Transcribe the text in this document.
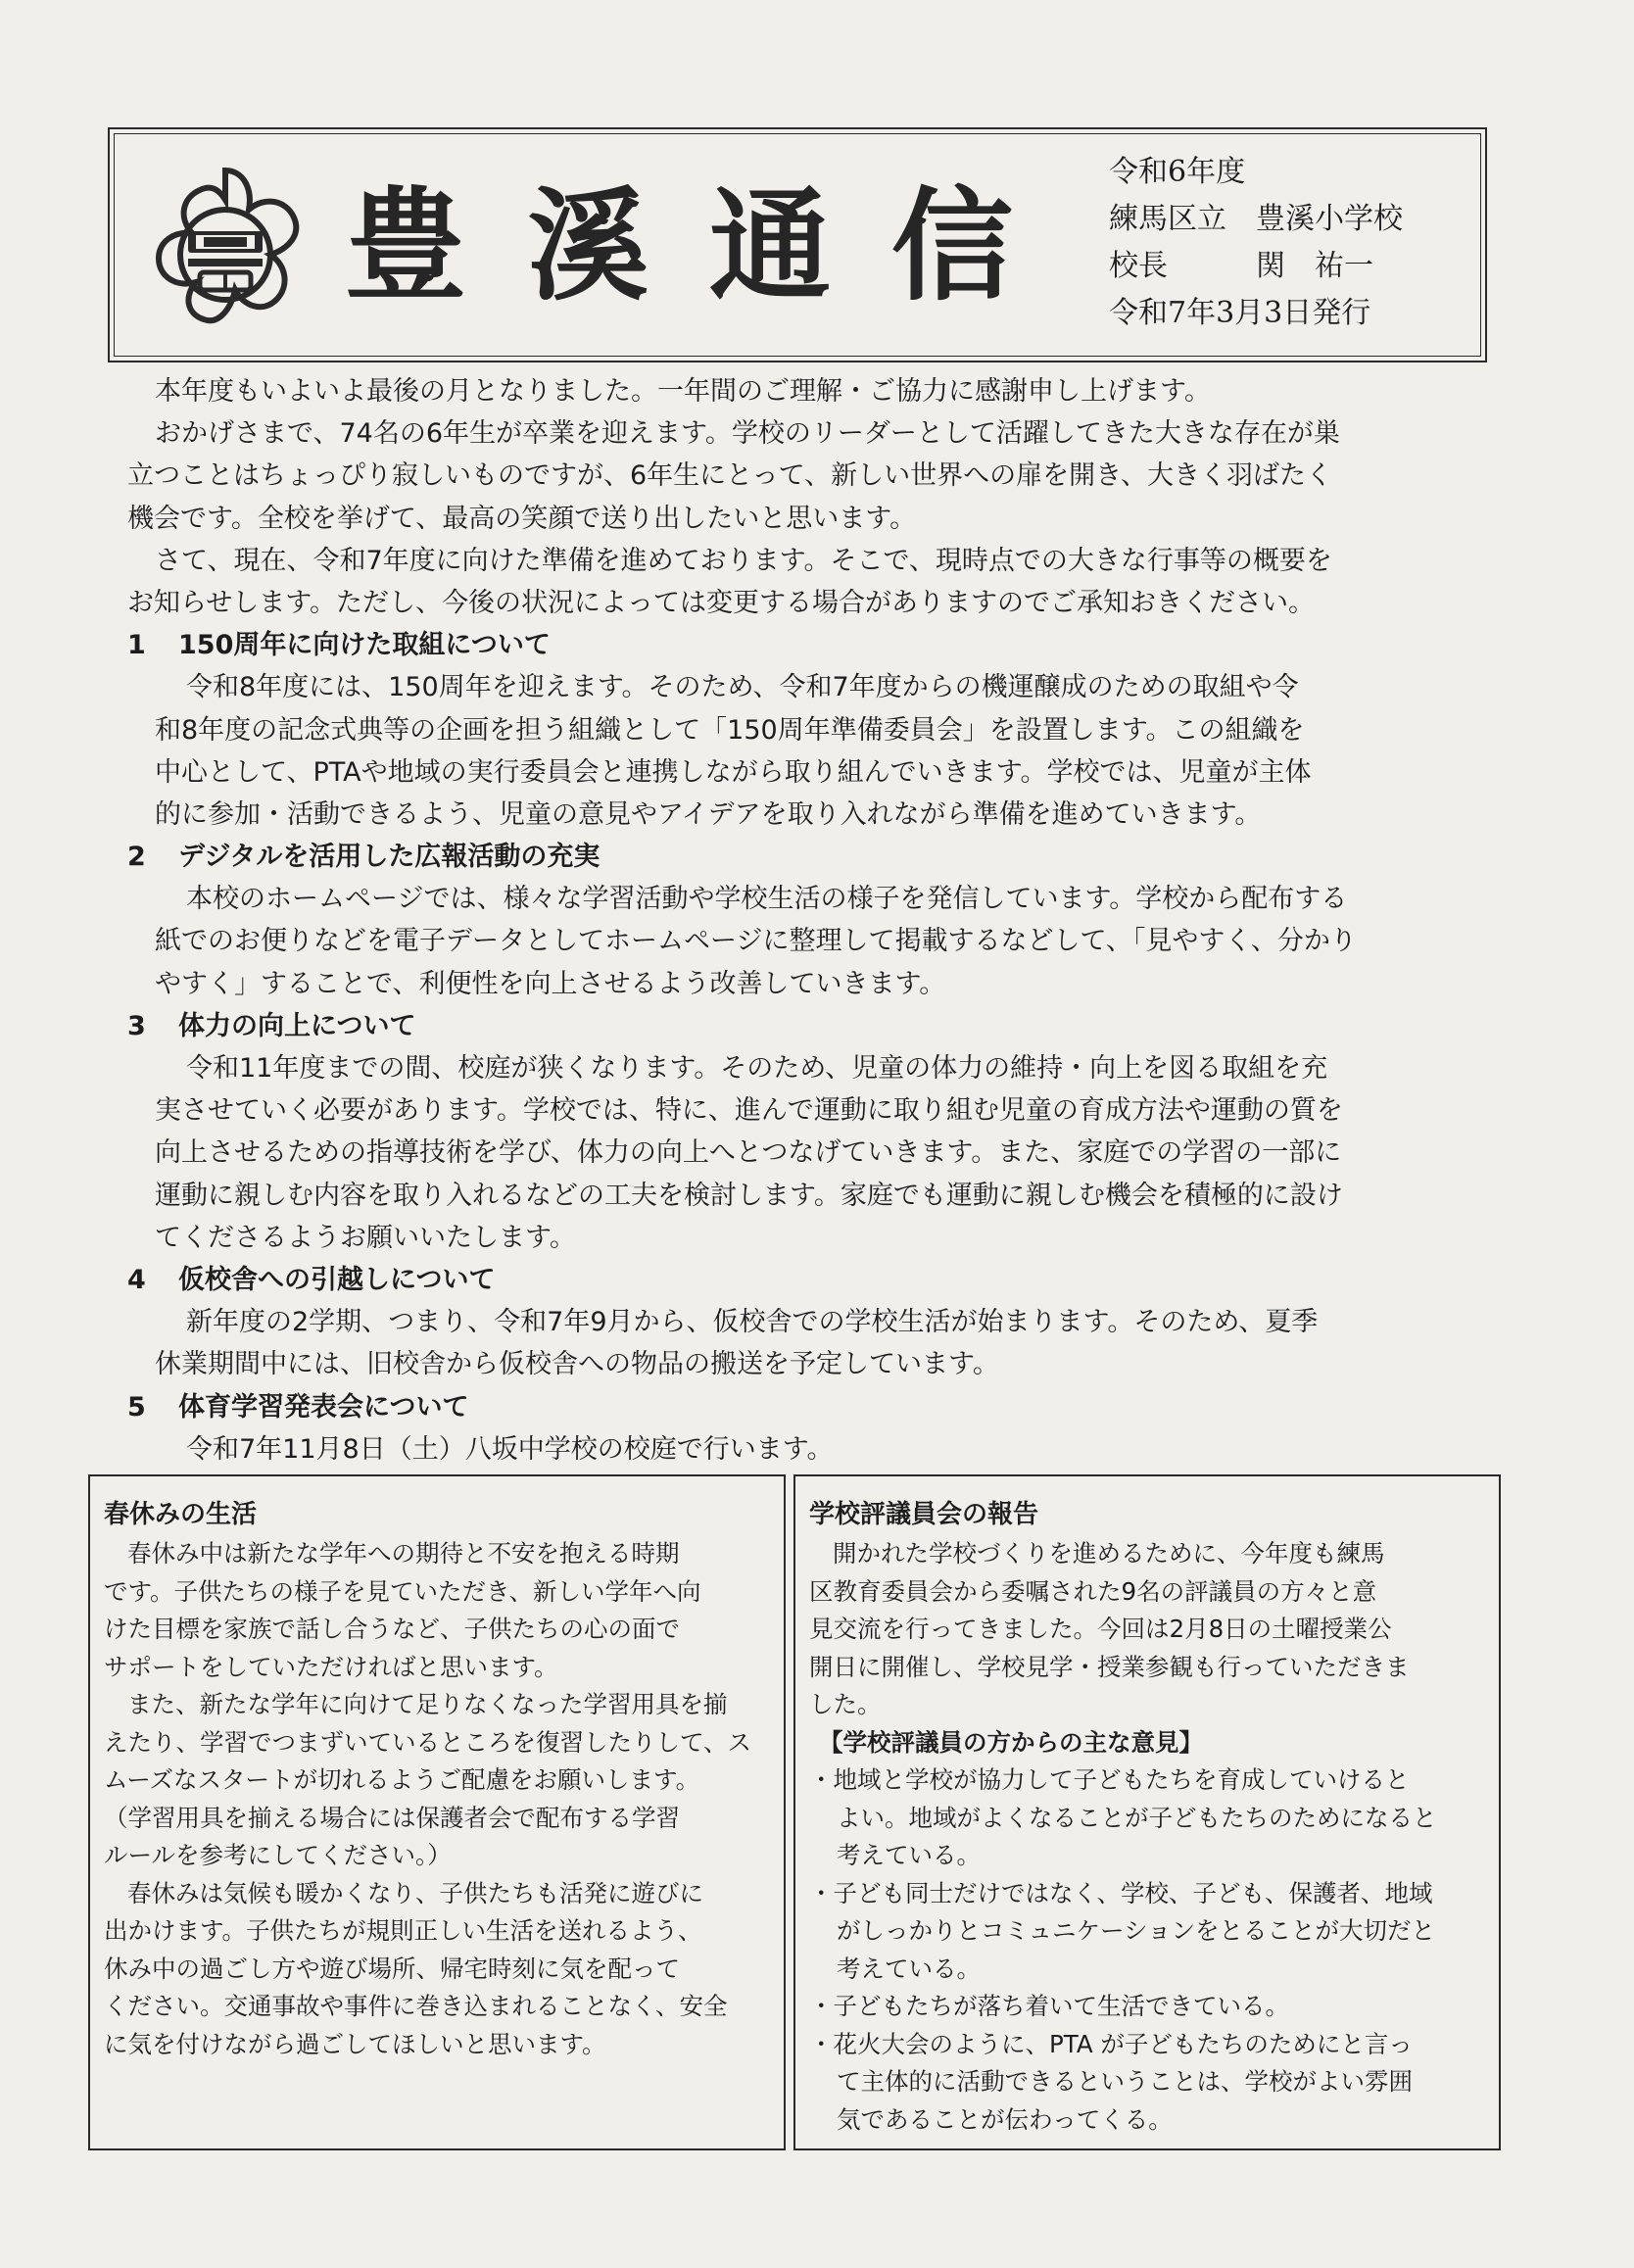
豊溪通信
令和6年度
練馬区立　豊溪小学校
校長　　　関　祐一
令和7年3月3日発行

本年度もいよいよ最後の月となりました。一年間のご理解・ご協力に感謝申し上げます。

おかげさまで、74名の6年生が卒業を迎えます。学校のリーダーとして活躍してきた大きな存在が巣

立つことはちょっぴり寂しいものですが、6年生にとって、新しい世界への扉を開き、大きく羽ばたく

機会です。全校を挙げて、最高の笑顔で送り出したいと思います。

さて、現在、令和7年度に向けた準備を進めております。そこで、現時点での大きな行事等の概要を

お知らせします。ただし、今後の状況によっては変更する場合がありますのでご承知おきください。

1 150周年に向けた取組について

令和8年度には、150周年を迎えます。そのため、令和7年度からの機運醸成のための取組や令

和8年度の記念式典等の企画を担う組織として「150周年準備委員会」を設置します。この組織を

中心として、PTAや地域の実行委員会と連携しながら取り組んでいきます。学校では、児童が主体

的に参加・活動できるよう、児童の意見やアイデアを取り入れながら準備を進めていきます。

2 デジタルを活用した広報活動の充実

本校のホームページでは、様々な学習活動や学校生活の様子を発信しています。学校から配布する

紙でのお便りなどを電子データとしてホームページに整理して掲載するなどして、「見やすく、分かり

やすく」することで、利便性を向上させるよう改善していきます。

3 体力の向上について

令和11年度までの間、校庭が狭くなります。そのため、児童の体力の維持・向上を図る取組を充

実させていく必要があります。学校では、特に、進んで運動に取り組む児童の育成方法や運動の質を

向上させるための指導技術を学び、体力の向上へとつなげていきます。また、家庭での学習の一部に

運動に親しむ内容を取り入れるなどの工夫を検討します。家庭でも運動に親しむ機会を積極的に設け

てくださるようお願いいたします。

4 仮校舎への引越しについて

新年度の2学期、つまり、令和7年9月から、仮校舎での学校生活が始まります。そのため、夏季

休業期間中には、旧校舎から仮校舎への物品の搬送を予定しています。

5 体育学習発表会について

令和7年11月8日（土）八坂中学校の校庭で行います。

春休みの生活

春休み中は新たな学年への期待と不安を抱える時期

です。子供たちの様子を見ていただき、新しい学年へ向

けた目標を家族で話し合うなど、子供たちの心の面で

サポートをしていただければと思います。

また、新たな学年に向けて足りなくなった学習用具を揃

えたり、学習でつまずいているところを復習したりして、ス

ムーズなスタートが切れるようご配慮をお願いします。

（学習用具を揃える場合には保護者会で配布する学習

ルールを参考にしてください。）

春休みは気候も暖かくなり、子供たちも活発に遊びに

出かけます。子供たちが規則正しい生活を送れるよう、

休み中の過ごし方や遊び場所、帰宅時刻に気を配って

ください。交通事故や事件に巻き込まれることなく、安全

に気を付けながら過ごしてほしいと思います。

学校評議員会の報告

開かれた学校づくりを進めるために、今年度も練馬

区教育委員会から委嘱された9名の評議員の方々と意

見交流を行ってきました。今回は2月8日の土曜授業公

開日に開催し、学校見学・授業参観も行っていただきま

した。

【学校評議員の方からの主な意見】

・地域と学校が協力して子どもたちを育成していけると

よい。地域がよくなることが子どもたちのためになると

考えている。

・子ども同士だけではなく、学校、子ども、保護者、地域

がしっかりとコミュニケーションをとることが大切だと

考えている。

・子どもたちが落ち着いて生活できている。

・花火大会のように、PTA が子どもたちのためにと言っ

て主体的に活動できるということは、学校がよい雰囲

気であることが伝わってくる。
